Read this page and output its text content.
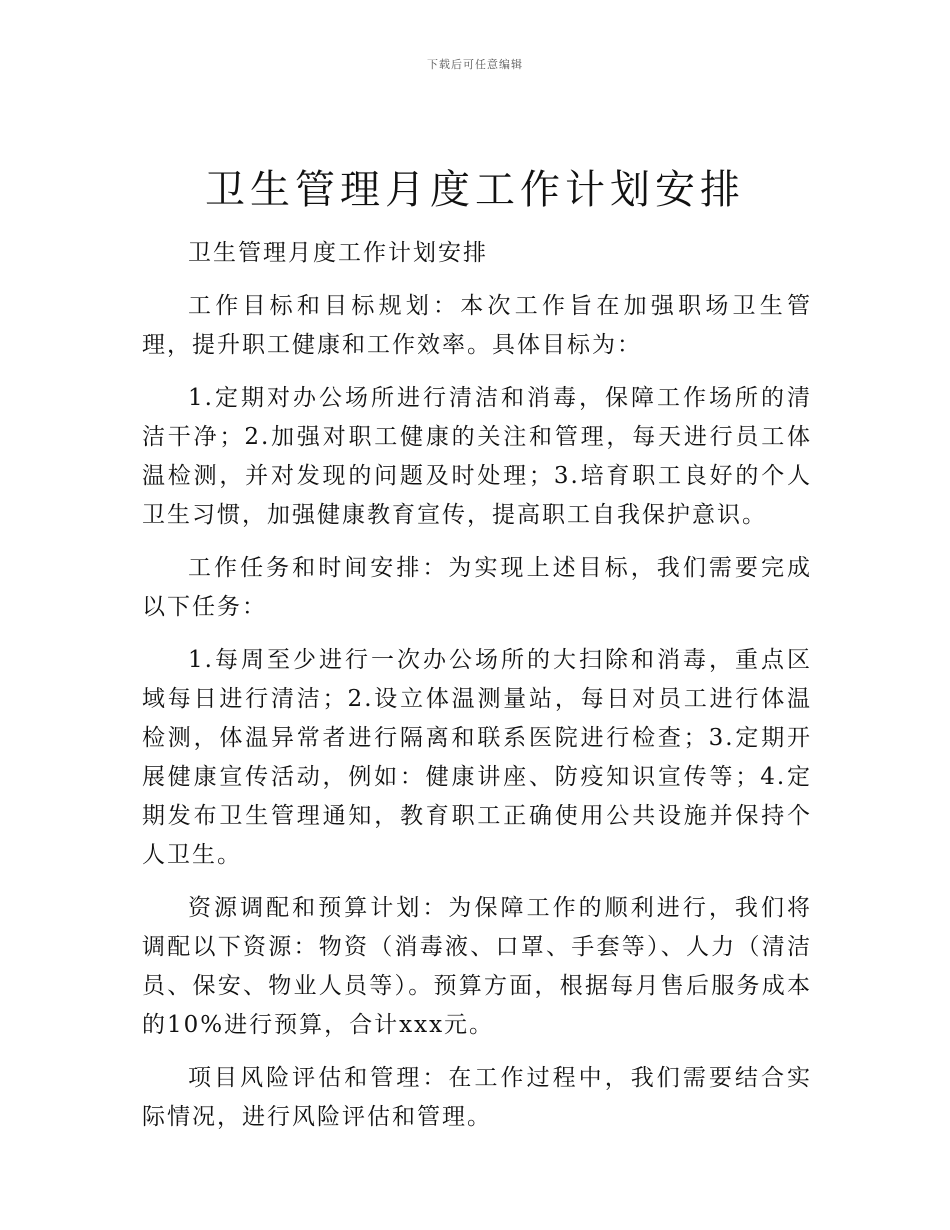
下载后可任意编辑
卫生管理月度工作计划安排

卫生管理月度工作计划安排

工作目标和目标规划：本次工作旨在加强职场卫生管理，提升职工健康和工作效率。具体目标为：

1.定期对办公场所进行清洁和消毒，保障工作场所的清洁干净；2.加强对职工健康的关注和管理，每天进行员工体温检测，并对发现的问题及时处理；3.培育职工良好的个人卫生习惯，加强健康教育宣传，提高职工自我保护意识。

工作任务和时间安排：为实现上述目标，我们需要完成以下任务：

1.每周至少进行一次办公场所的大扫除和消毒，重点区域每日进行清洁；2.设立体温测量站，每日对员工进行体温检测，体温异常者进行隔离和联系医院进行检查；3.定期开展健康宣传活动，例如：健康讲座、防疫知识宣传等；4.定期发布卫生管理通知，教育职工正确使用公共设施并保持个人卫生。

资源调配和预算计划：为保障工作的顺利进行，我们将调配以下资源：物资（消毒液、口罩、手套等）、人力（清洁员、保安、物业人员等）。预算方面，根据每月售后服务成本的10%进行预算，合计xxx元。

项目风险评估和管理：在工作过程中，我们需要结合实际情况，进行风险评估和管理。
